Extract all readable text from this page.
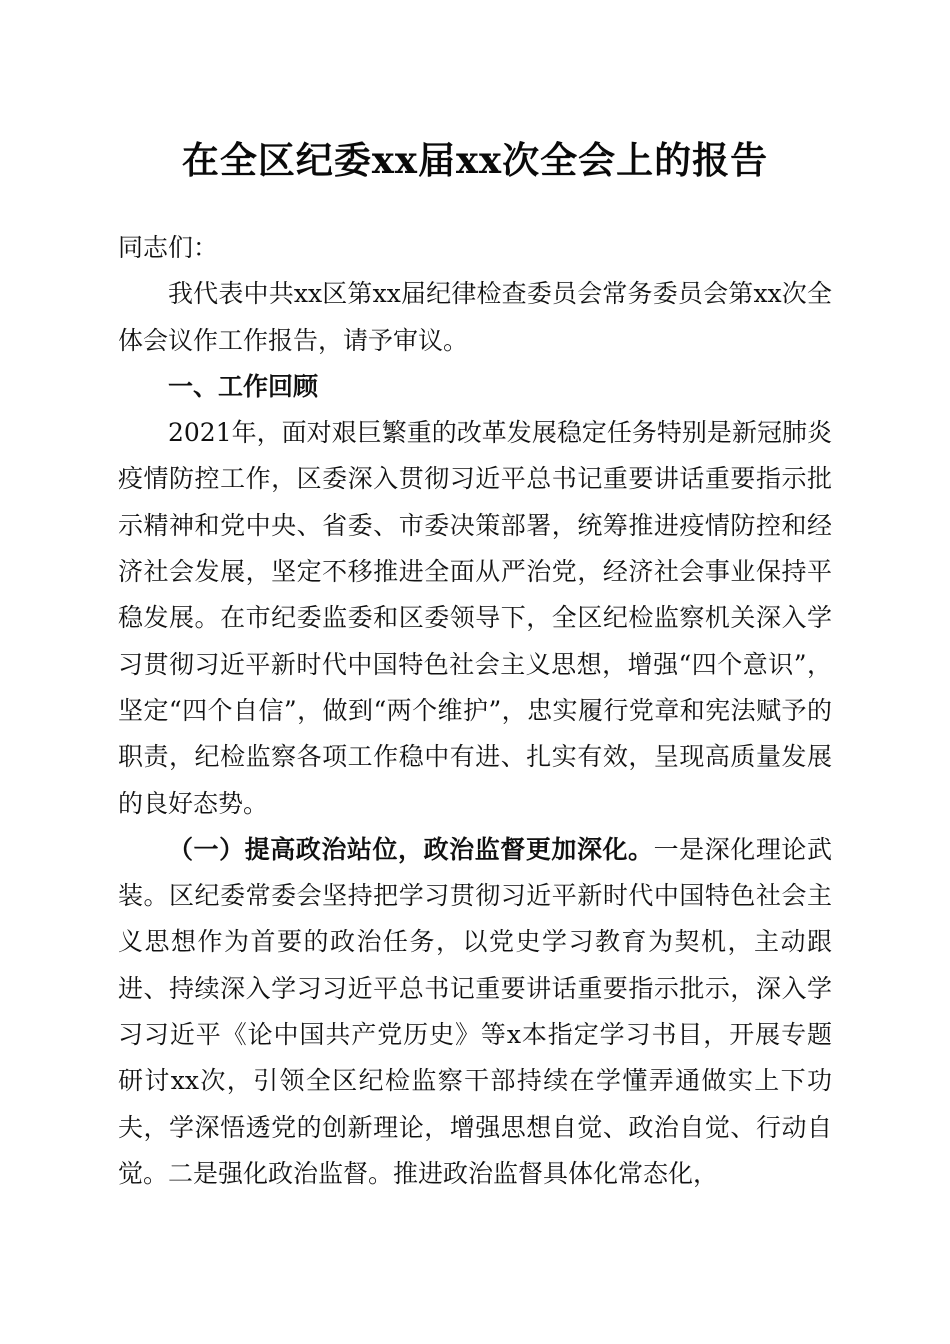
在全区纪委xx届xx次全会上的报告

同志们：

我代表中共xx区第xx届纪律检查委员会常务委员会第xx次全体会议作工作报告，请予审议。

一、工作回顾

2021年，面对艰巨繁重的改革发展稳定任务特别是新冠肺炎疫情防控工作，区委深入贯彻习近平总书记重要讲话重要指示批示精神和党中央、省委、市委决策部署，统筹推进疫情防控和经济社会发展，坚定不移推进全面从严治党，经济社会事业保持平稳发展。在市纪委监委和区委领导下，全区纪检监察机关深入学习贯彻习近平新时代中国特色社会主义思想，增强“四个意识”，坚定“四个自信”，做到“两个维护”，忠实履行党章和宪法赋予的职责，纪检监察各项工作稳中有进、扎实有效，呈现高质量发展的良好态势。

（一）提高政治站位，政治监督更加深化。一是深化理论武装。区纪委常委会坚持把学习贯彻习近平新时代中国特色社会主义思想作为首要的政治任务，以党史学习教育为契机，主动跟进、持续深入学习习近平总书记重要讲话重要指示批示，深入学习习近平《论中国共产党历史》等x本指定学习书目，开展专题研讨xx次，引领全区纪检监察干部持续在学懂弄通做实上下功夫，学深悟透党的创新理论，增强思想自觉、政治自觉、行动自觉。二是强化政治监督。推进政治监督具体化常态化，
